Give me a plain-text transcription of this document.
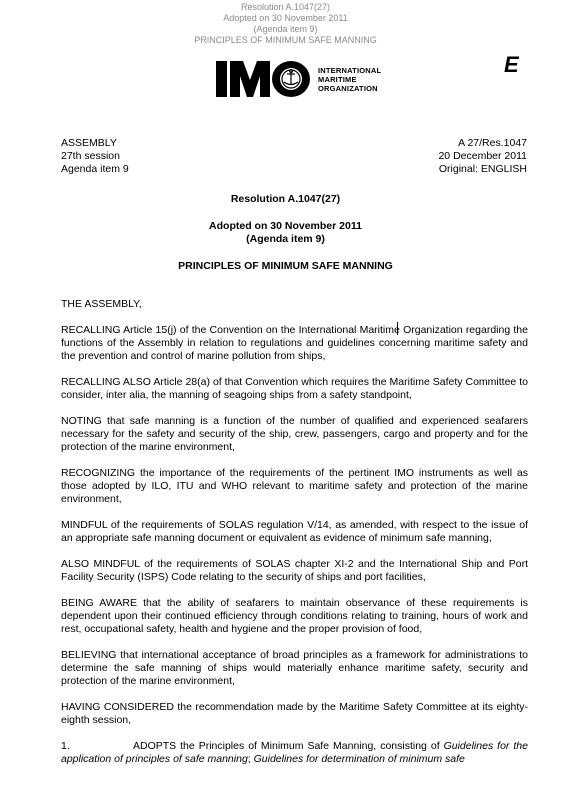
Resolution A.1047(27)
Adopted on 30 November 2011
(Agenda item 9)
PRINCIPLES OF MINIMUM SAFE MANNING
INTERNATIONAL
MARITIME
ORGANIZATION
E
ASSEMBLY
27th session
Agenda item 9
A 27/Res.1047
20 December 2011
Original: ENGLISH
Resolution A.1047(27)
Adopted on 30 November 2011
(Agenda item 9)
PRINCIPLES OF MINIMUM SAFE MANNING

THE ASSEMBLY,

RECALLING Article 15(j) of the Convention on the International Maritime Organization regarding the functions of the Assembly in relation to regulations and guidelines concerning maritime safety and the prevention and control of marine pollution from ships,

RECALLING ALSO Article 28(a) of that Convention which requires the Maritime Safety Committee to consider, inter alia, the manning of seagoing ships from a safety standpoint,

NOTING that safe manning is a function of the number of qualified and experienced seafarers necessary for the safety and security of the ship, crew, passengers, cargo and property and for the protection of the marine environment,

RECOGNIZING the importance of the requirements of the pertinent IMO instruments as well as those adopted by ILO, ITU and WHO relevant to maritime safety and protection of the marine environment,

MINDFUL of the requirements of SOLAS regulation V/14, as amended, with respect to the issue of an appropriate safe manning document or equivalent as evidence of minimum safe manning,

ALSO MINDFUL of the requirements of SOLAS chapter XI-2 and the International Ship and Port Facility Security (ISPS) Code relating to the security of ships and port facilities,

BEING AWARE that the ability of seafarers to maintain observance of these requirements is dependent upon their continued efficiency through conditions relating to training, hours of work and rest, occupational safety, health and hygiene and the proper provision of food,

BELIEVING that international acceptance of broad principles as a framework for administrations to determine the safe manning of ships would materially enhance maritime safety, security and protection of the marine environment,

HAVING CONSIDERED the recommendation made by the Maritime Safety Committee at its eighty-eighth session,

1.	ADOPTS the Principles of Minimum Safe Manning, consisting of Guidelines for the application of principles of safe manning; Guidelines for determination of minimum safe
